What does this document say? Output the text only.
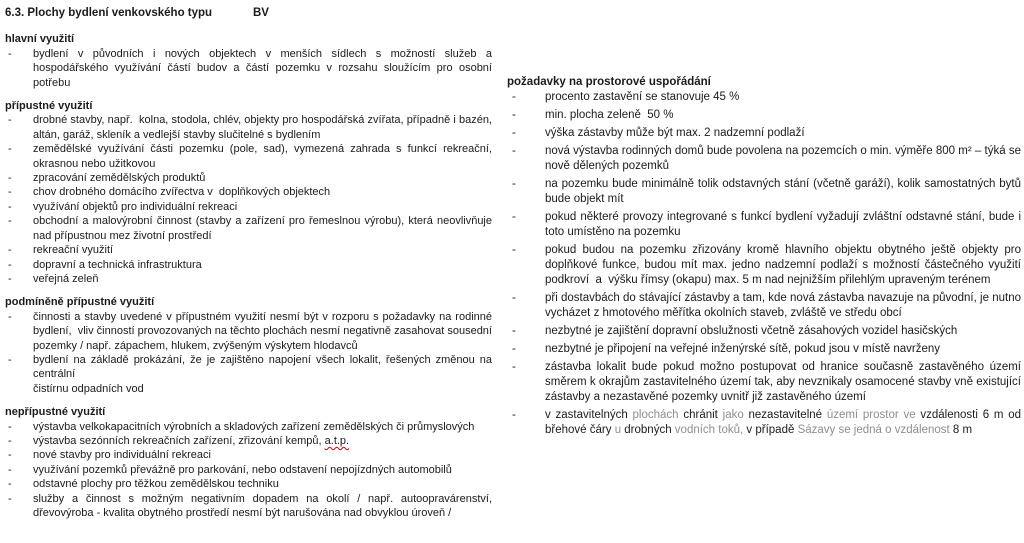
6.3. Plochy bydlení venkovského typu	BV
hlavní využití
- bydlení v původních i nových objektech v menších sídlech s možností služeb a hospodářského využívání částí budov a částí pozemku v rozsahu sloužícím pro osobní potřebu
přípustné využití
- drobné stavby, např.  kolna, stodola, chlév, objekty pro hospodářská zvířata, případně i bazén, altán, garáž, skleník a vedlejší stavby slučitelné s bydlením
- zemědělské využívání části pozemku (pole, sad), vymezená zahrada s funkcí rekreační, okrasnou nebo užitkovou
- zpracování zemědělských produktů
- chov drobného domácího zvířectva v  doplňkových objektech
- využívání objektů pro individuální rekreaci
- obchodní a malovýrobní činnost (stavby a zařízení pro řemeslnou výrobu), která neovlivňuje nad přípustnou mez životní prostředí
- rekreační využití
- dopravní a technická infrastruktura
- veřejná zeleň
podmíněně přípustné využití
- činnosti a stavby uvedené v přípustném využití nesmí být v rozporu s požadavky na rodinné bydlení,  vliv činností provozovaných na těchto plochách nesmí negativně zasahovat sousední pozemky / např. zápachem, hlukem, zvýšeným výskytem hlodavců
- bydlení na základě prokázání, že je zajištěno napojení všech lokalit, řešených změnou na centrální
čistírnu odpadních vod
nepřípustné využití
- výstavba velkokapacitních výrobních a skladových zařízení zemědělských či průmyslových
- výstavba sezónních rekreačních zařízení, zřizování kempů, a.t.p.
- nové stavby pro individuální rekreaci
- využívání pozemků převážně pro parkování, nebo odstavení nepojízdných automobilů
- odstavné plochy pro těžkou zemědělskou techniku
- služby a činnost s možným negativním dopadem na okolí / např. autoopravárenství, dřevovýroba - kvalita obytného prostředí nesmí být narušována nad obvyklou úroveň /
požadavky na prostorové uspořádání
-	procento zastavění se stanovuje 45 %
-	min. plocha zeleně  50 %
-	výška zástavby může být max. 2 nadzemní podlaží
-	nová výstavba rodinných domů bude povolena na pozemcích o min. výměře 800 m² – týká se nově dělených pozemků
-	na pozemku bude minimálně tolik odstavných stání (včetně garáží), kolik samostatných bytů bude objekt mít
-	pokud některé provozy integrované s funkcí bydlení vyžadují zvláštní odstavné stání, bude i toto umístěno na pozemku
-	pokud budou na pozemku zřizovány kromě hlavního objektu obytného ještě objekty pro doplňkové funkce, budou mít max. jedno nadzemní podlaží s možností částečného využití podkroví  a  výšku římsy (okapu) max. 5 m nad nejnižším přilehlým upraveným terénem
-	při dostavbách do stávající zástavby a tam, kde nová zástavba navazuje na původní, je nutno vycházet z hmotového měřítka okolních staveb, zvláště ve středu obcí
-	nezbytné je zajištění dopravní obslužnosti včetně zásahových vozidel hasičských
-	nezbytné je připojení na veřejné inženýrské sítě, pokud jsou v místě navrženy
-	zástavba lokalit bude pokud možno postupovat od hranice současně zastavěného území směrem k okrajům zastavitelného území tak, aby nevznikaly osamocené stavby vně existující zástavby a nezastavěné pozemky uvnitř již zastavěného území
-	v zastavitelných plochách chránit jako nezastavitelné území prostor ve vzdálenosti 6 m od břehové čáry u drobných vodních toků, v případě Sázavy se jedná o vzdálenost 8 m
